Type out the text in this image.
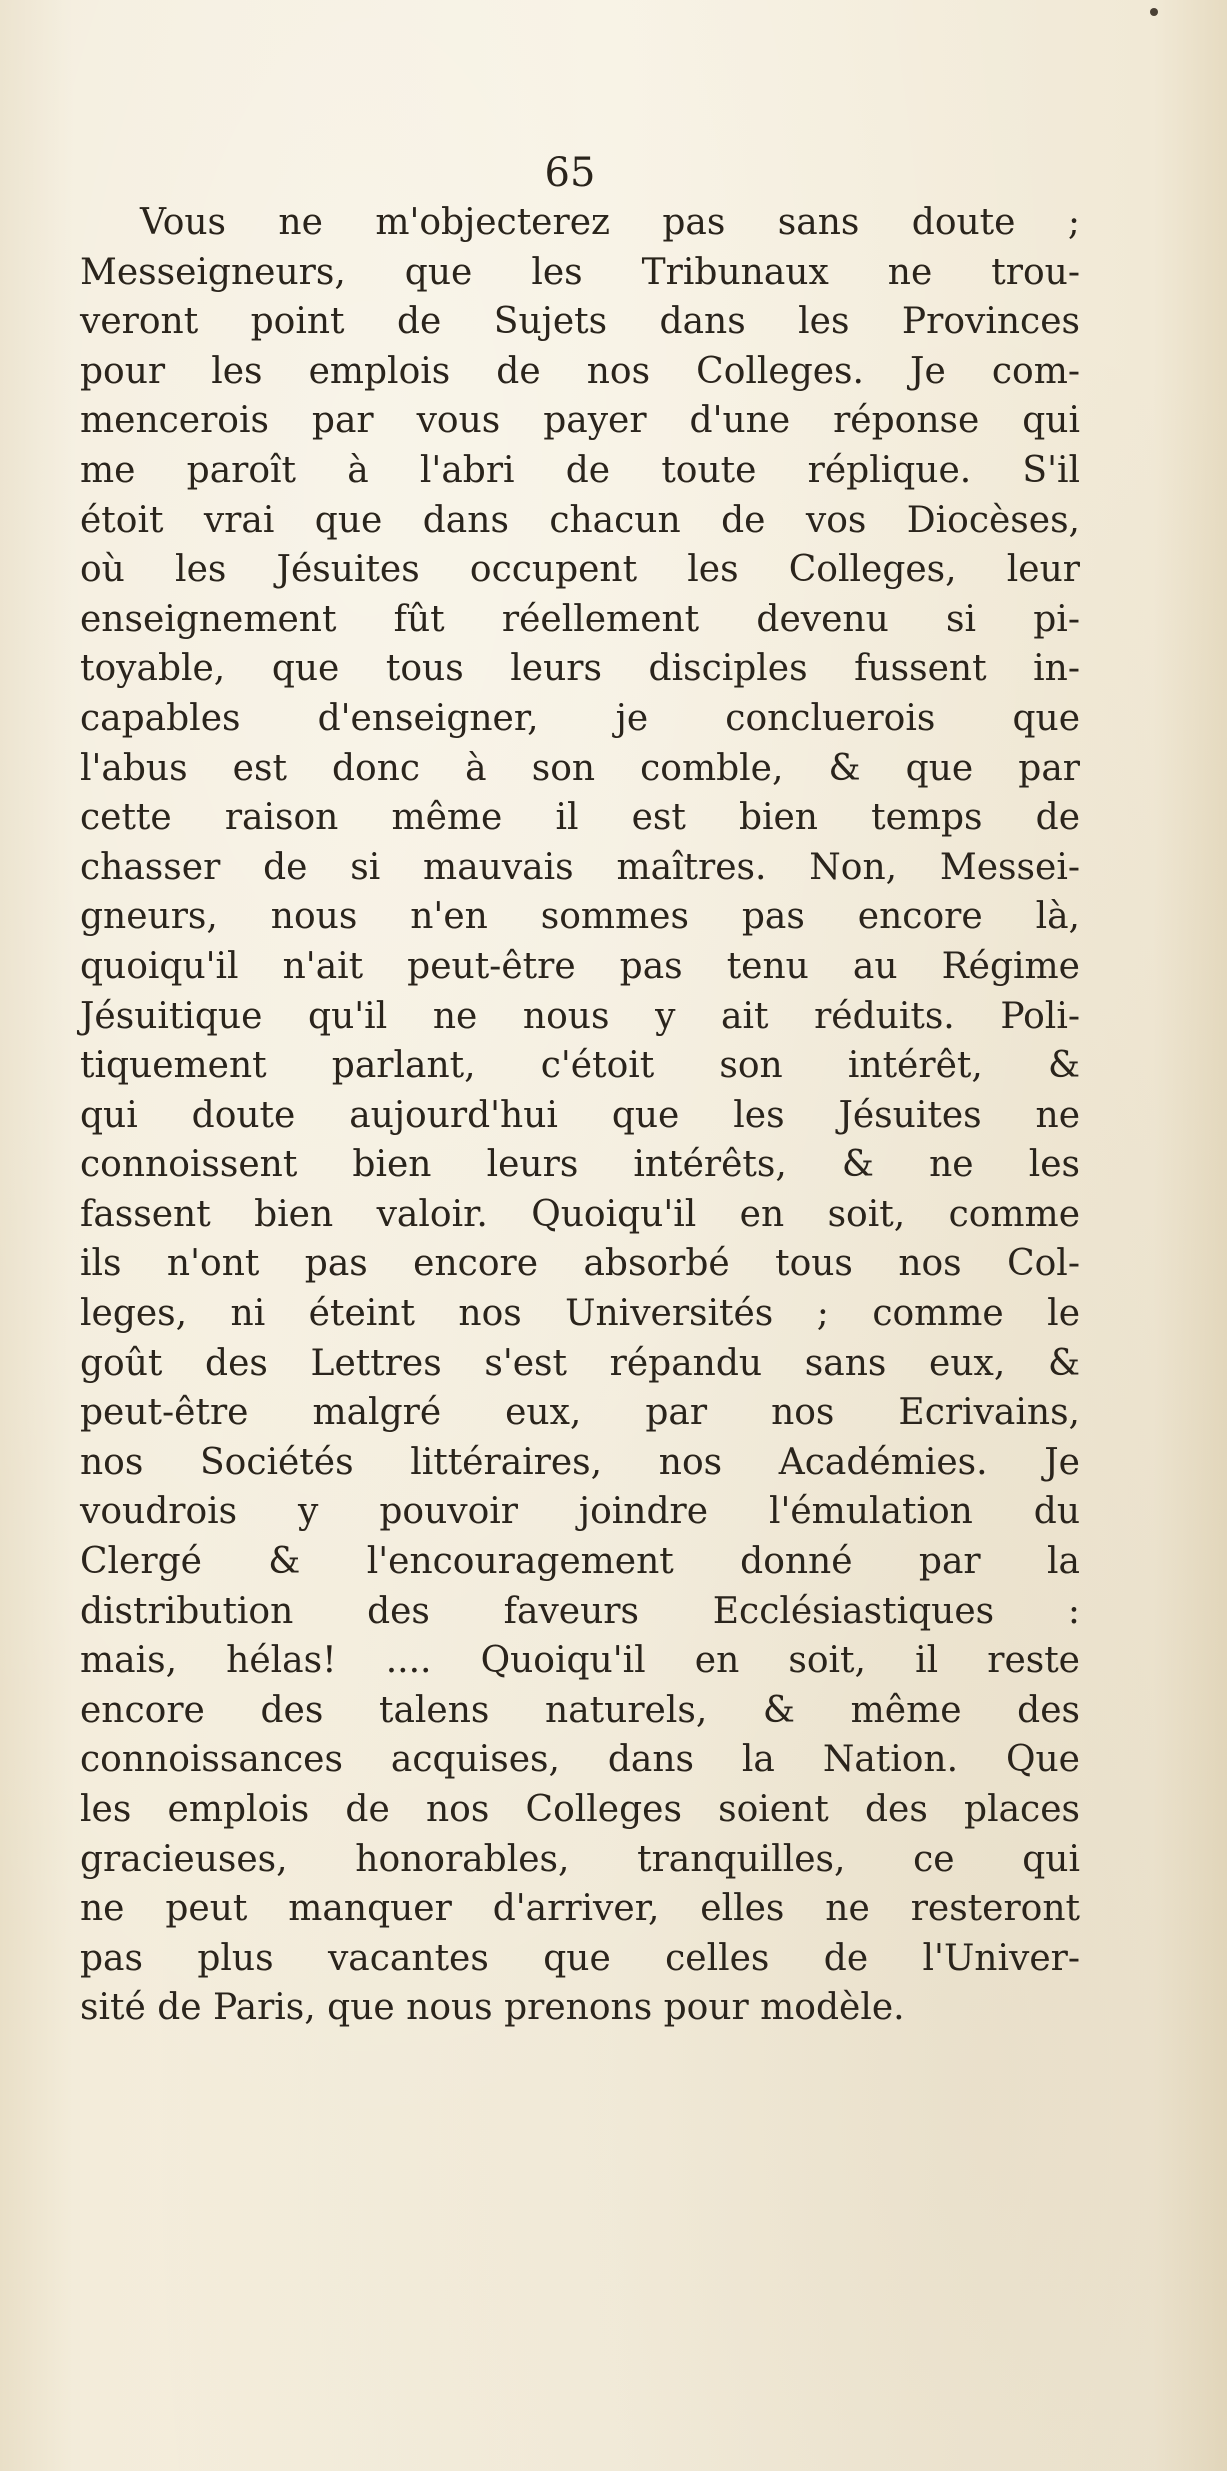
65
Vous ne m'objecterez pas sans doute ;
Messeigneurs, que les Tribunaux ne trou-
veront point de Sujets dans les Provinces
pour les emplois de nos Colleges. Je com-
mencerois par vous payer d'une réponse qui
me paroît à l'abri de toute réplique. S'il
étoit vrai que dans chacun de vos Diocèses,
où les Jésuites occupent les Colleges, leur
enseignement fût réellement devenu si pi-
toyable, que tous leurs disciples fussent in-
capables d'enseigner, je concluerois que
l'abus est donc à son comble, & que par
cette raison même il est bien temps de
chasser de si mauvais maîtres. Non, Messei-
gneurs, nous n'en sommes pas encore là,
quoiqu'il n'ait peut-être pas tenu au Régime
Jésuitique qu'il ne nous y ait réduits. Poli-
tiquement parlant, c'étoit son intérêt, &
qui doute aujourd'hui que les Jésuites ne
connoissent bien leurs intérêts, & ne les
fassent bien valoir. Quoiqu'il en soit, comme
ils n'ont pas encore absorbé tous nos Col-
leges, ni éteint nos Universités ; comme le
goût des Lettres s'est répandu sans eux, &
peut-être malgré eux, par nos Ecrivains,
nos Sociétés littéraires, nos Académies. Je
voudrois y pouvoir joindre l'émulation du
Clergé & l'encouragement donné par la
distribution des faveurs Ecclésiastiques :
mais, hélas! .... Quoiqu'il en soit, il reste
encore des talens naturels, & même des
connoissances acquises, dans la Nation. Que
les emplois de nos Colleges soient des places
gracieuses, honorables, tranquilles, ce qui
ne peut manquer d'arriver, elles ne resteront
pas plus vacantes que celles de l'Univer-
sité de Paris, que nous prenons pour modèle.
